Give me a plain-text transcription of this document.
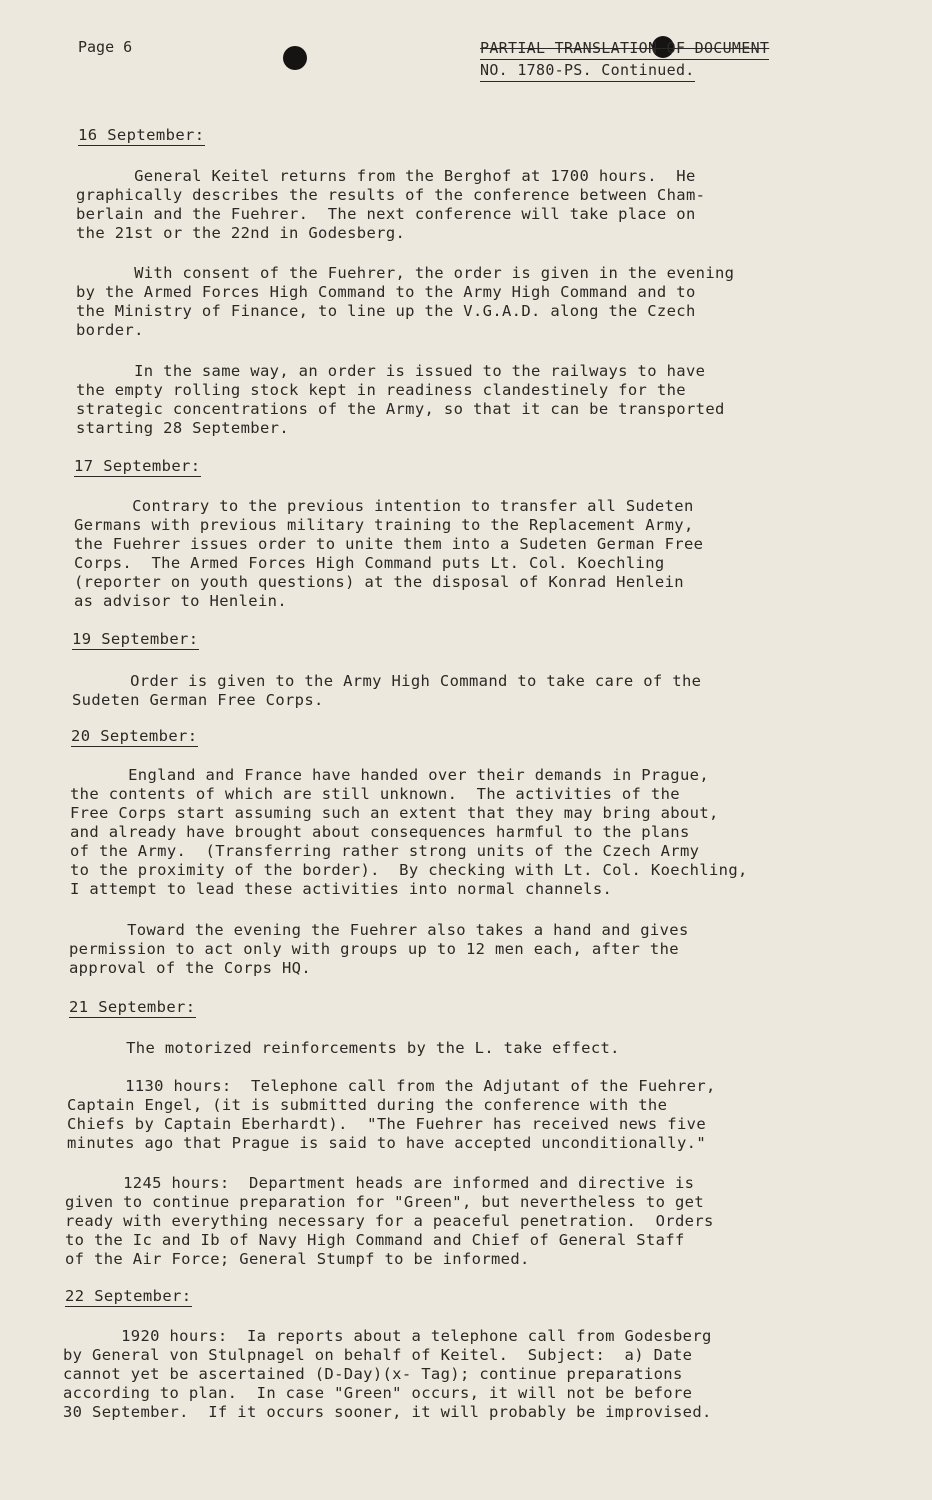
Page 6	PARTIAL TRANSLATION OF DOCUMENT
NO. 1780-PS. Continued.
16 September:
General Keitel returns from the Berghof at 1700 hours.  He
graphically describes the results of the conference between Cham-
berlain and the Fuehrer.  The next conference will take place on
the 21st or the 22nd in Godesberg.
With consent of the Fuehrer, the order is given in the evening
by the Armed Forces High Command to the Army High Command and to
the Ministry of Finance, to line up the V.G.A.D. along the Czech
border.
In the same way, an order is issued to the railways to have
the empty rolling stock kept in readiness clandestinely for the
strategic concentrations of the Army, so that it can be transported
starting 28 September.
17 September:
Contrary to the previous intention to transfer all Sudeten
Germans with previous military training to the Replacement Army,
the Fuehrer issues order to unite them into a Sudeten German Free
Corps.  The Armed Forces High Command puts Lt. Col. Koechling
(reporter on youth questions) at the disposal of Konrad Henlein
as advisor to Henlein.
19 September:
Order is given to the Army High Command to take care of the
Sudeten German Free Corps.
20 September:
England and France have handed over their demands in Prague,
the contents of which are still unknown.  The activities of the
Free Corps start assuming such an extent that they may bring about,
and already have brought about consequences harmful to the plans
of the Army.  (Transferring rather strong units of the Czech Army
to the proximity of the border).  By checking with Lt. Col. Koechling,
I attempt to lead these activities into normal channels.
Toward the evening the Fuehrer also takes a hand and gives
permission to act only with groups up to 12 men each, after the
approval of the Corps HQ.
21 September:
The motorized reinforcements by the L. take effect.
1130 hours:  Telephone call from the Adjutant of the Fuehrer,
Captain Engel, (it is submitted during the conference with the
Chiefs by Captain Eberhardt).  "The Fuehrer has received news five
minutes ago that Prague is said to have accepted unconditionally."
1245 hours:  Department heads are informed and directive is
given to continue preparation for "Green", but nevertheless to get
ready with everything necessary for a peaceful penetration.  Orders
to the Ic and Ib of Navy High Command and Chief of General Staff
of the Air Force; General Stumpf to be informed.
22 September:
1920 hours:  Ia reports about a telephone call from Godesberg
by General von Stulpnagel on behalf of Keitel.  Subject:  a) Date
cannot yet be ascertained (D-Day)(x- Tag); continue preparations
according to plan.  In case "Green" occurs, it will not be before
30 September.  If it occurs sooner, it will probably be improvised.
